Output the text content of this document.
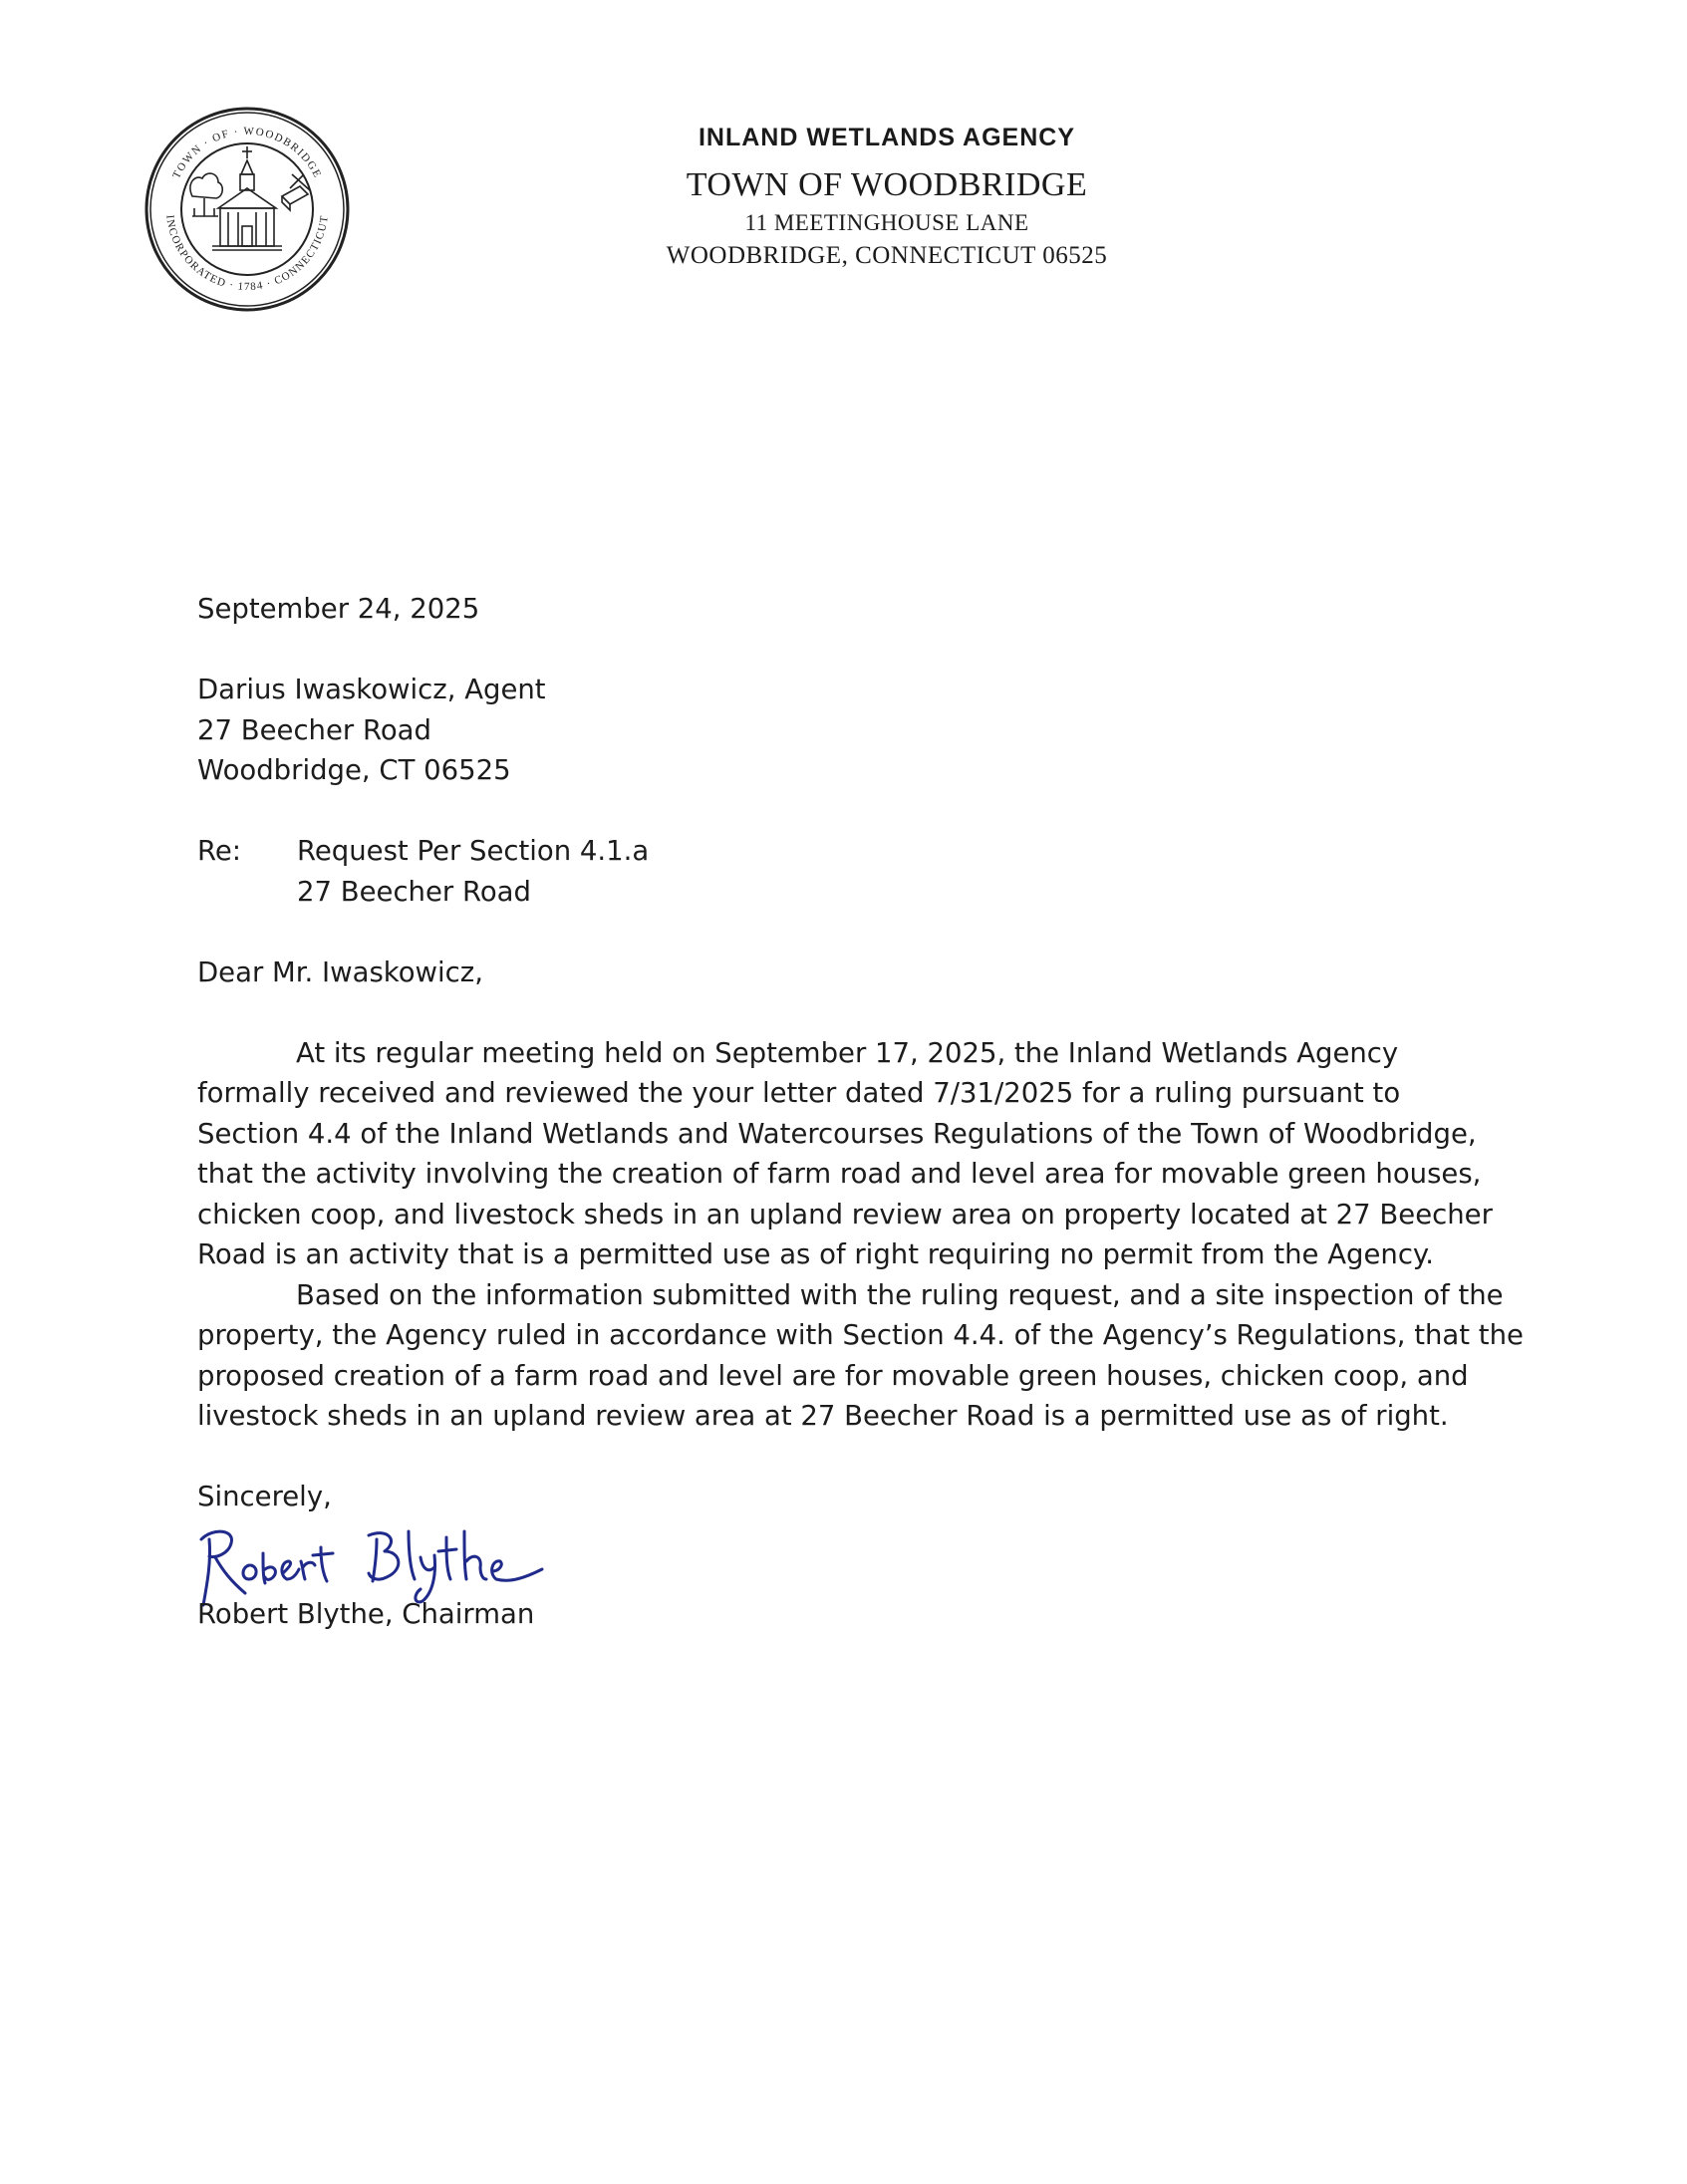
TOWN · OF · WOODBRIDGE
INCORPORATED · 1784 · CONNECTICUT
INLAND WETLANDS AGENCY
TOWN OF WOODBRIDGE
11 MEETINGHOUSE LANE
WOODBRIDGE, CONNECTICUT 06525
September 24, 2025
Darius Iwaskowicz, Agent
27 Beecher Road
Woodbridge, CT 06525
Re:	Request Per Section 4.1.a
27 Beecher Road
Dear Mr. Iwaskowicz,
At its regular meeting held on September 17, 2025, the Inland Wetlands Agency
formally received and reviewed the your letter dated 7/31/2025 for a ruling pursuant to
Section 4.4 of the Inland Wetlands and Watercourses Regulations of the Town of Woodbridge,
that the activity involving the creation of farm road and level area for movable green houses,
chicken coop, and livestock sheds in an upland review area on property located at 27 Beecher
Road is an activity that is a permitted use as of right requiring no permit from the Agency.
Based on the information submitted with the ruling request, and a site inspection of the
property, the Agency ruled in accordance with Section 4.4. of the Agency’s Regulations, that the
proposed creation of a farm road and level are for movable green houses, chicken coop, and
livestock sheds in an upland review area at 27 Beecher Road is a permitted use as of right.
Sincerely,
Robert Blythe, Chairman
